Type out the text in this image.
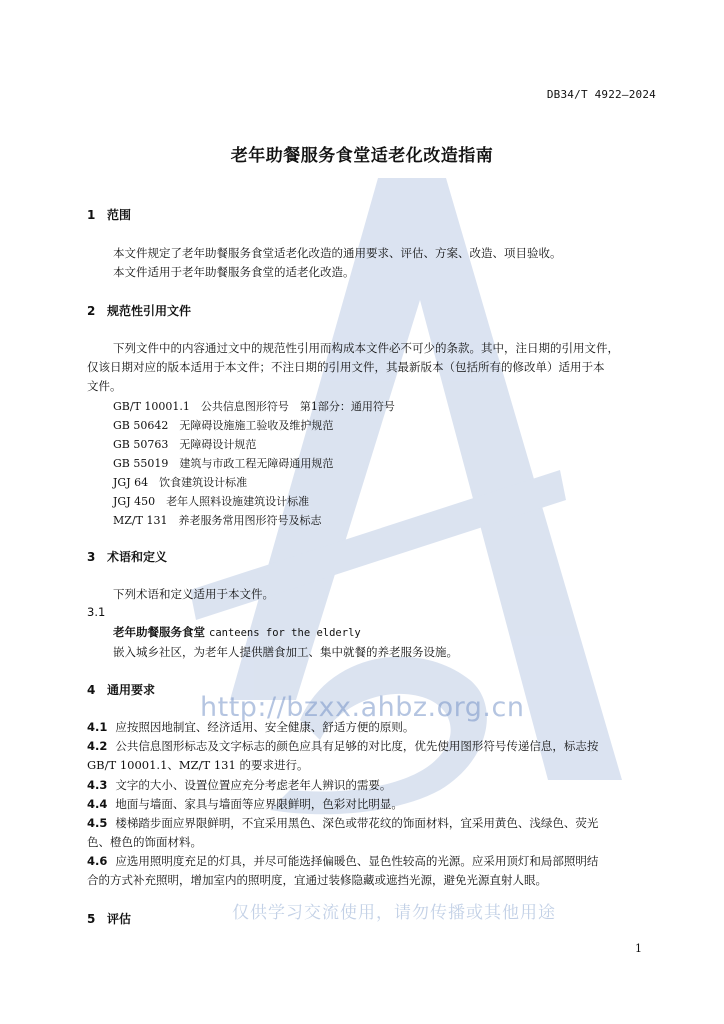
DB34/T 4922—2024
老年助餐服务食堂适老化改造指南
1 范围
本文件规定了老年助餐服务食堂适老化改造的通用要求、评估、方案、改造、项目验收。
本文件适用于老年助餐服务食堂的适老化改造。
2 规范性引用文件
下列文件中的内容通过文中的规范性引用而构成本文件必不可少的条款。其中，注日期的引用文件，
仅该日期对应的版本适用于本文件；不注日期的引用文件，其最新版本（包括所有的修改单）适用于本
文件。
GB/T 10001.1　公共信息图形符号　第1部分：通用符号
GB 50642　无障碍设施施工验收及维护规范
GB 50763　无障碍设计规范
GB 55019　建筑与市政工程无障碍通用规范
JGJ 64　饮食建筑设计标准
JGJ 450　老年人照料设施建筑设计标准
MZ/T 131　养老服务常用图形符号及标志
3 术语和定义
下列术语和定义适用于本文件。
3.1
老年助餐服务食堂 canteens for the elderly
嵌入城乡社区，为老年人提供膳食加工、集中就餐的养老服务设施。
4 通用要求
4.1 应按照因地制宜、经济适用、安全健康、舒适方便的原则。
4.2 公共信息图形标志及文字标志的颜色应具有足够的对比度，优先使用图形符号传递信息，标志按
GB/T 10001.1、MZ/T 131 的要求进行。
4.3 文字的大小、设置位置应充分考虑老年人辨识的需要。
4.4 地面与墙面、家具与墙面等应界限鲜明，色彩对比明显。
4.5 楼梯踏步面应界限鲜明，不宜采用黑色、深色或带花纹的饰面材料，宜采用黄色、浅绿色、荧光
色、橙色的饰面材料。
4.6 应选用照明度充足的灯具，并尽可能选择偏暖色、显色性较高的光源。应采用顶灯和局部照明结
合的方式补充照明，增加室内的照明度，宜通过装修隐藏或遮挡光源，避免光源直射人眼。
5 评估
http://bzxx.ahbz.org.cn
仅供学习交流使用，请勿传播或其他用途
1
